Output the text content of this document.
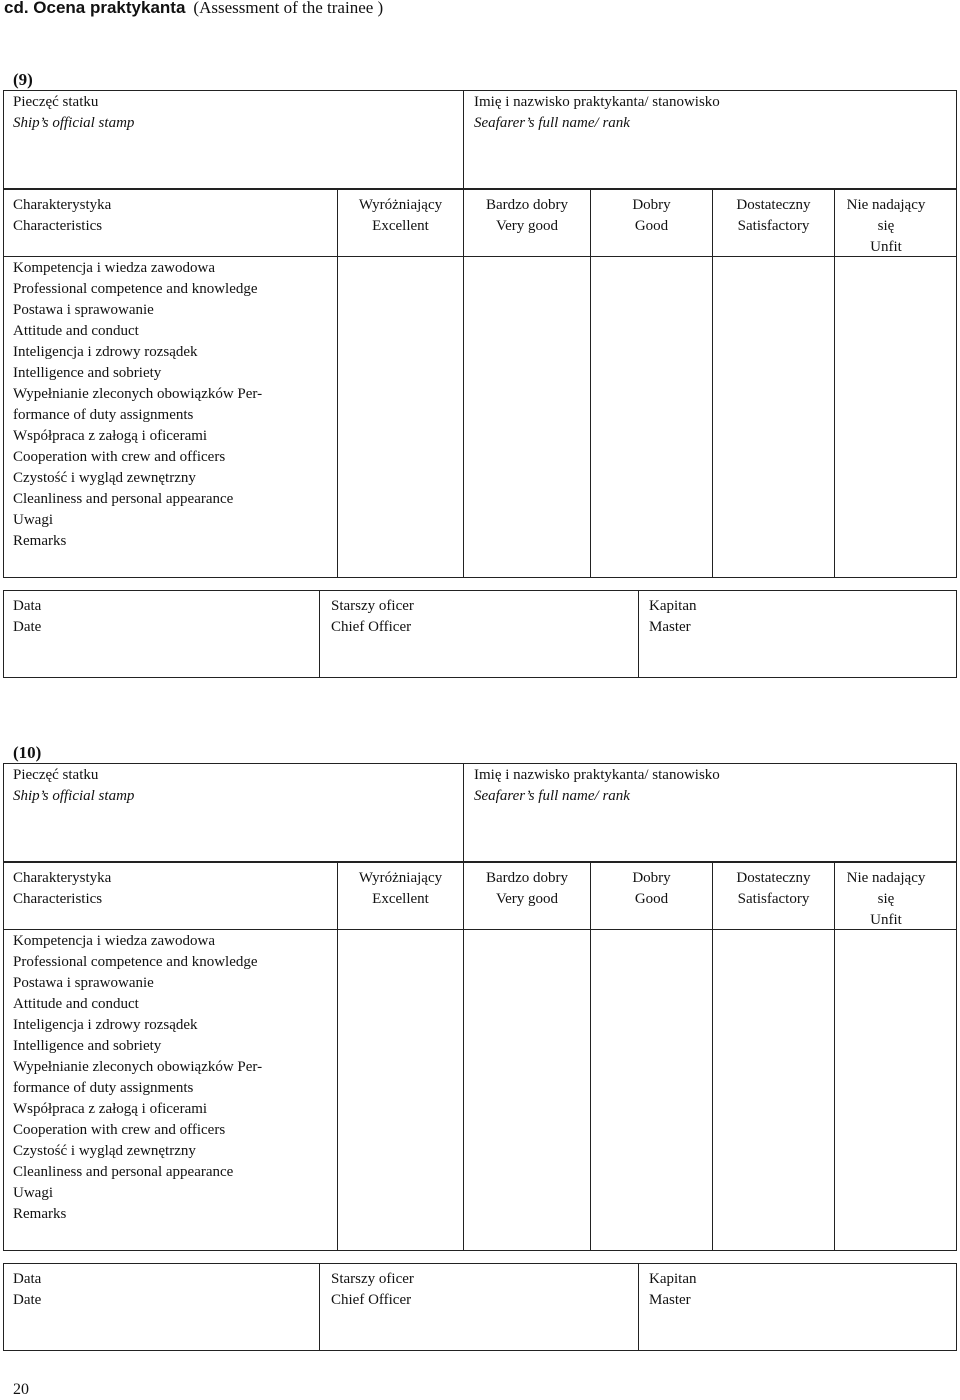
cd. Ocena praktykanta (Assessment of the trainee )
(9)
Pieczęć statku
Ship’s official stamp
Imię i nazwisko praktykanta/ stanowisko
Seafarer’s full name/ rank
Charakterystyka
Characteristics
Wyróżniający
Excellent
Bardzo dobry
Very good
Dobry
Good
Dostateczny
Satisfactory
Nie nadający się
Unfit
Kompetencja i wiedza zawodowa
Professional competence and knowledge
Postawa i sprawowanie
Attitude and conduct
Inteligencja i zdrowy rozsądek
Intelligence and sobriety
Wypełnianie zleconych obowiązków Per-
formance of duty assignments
Współpraca z załogą i oficerami
Cooperation with crew and officers
Czystość i wygląd zewnętrzny
Cleanliness and personal appearance
Uwagi
Remarks
Data
Date
Starszy oficer
Chief Officer
Kapitan
Master
(10)
Pieczęć statku
Ship’s official stamp
Imię i nazwisko praktykanta/ stanowisko
Seafarer’s full name/ rank
Charakterystyka
Characteristics
Wyróżniający
Excellent
Bardzo dobry
Very good
Dobry
Good
Dostateczny
Satisfactory
Nie nadający się
Unfit
Kompetencja i wiedza zawodowa
Professional competence and knowledge
Postawa i sprawowanie
Attitude and conduct
Inteligencja i zdrowy rozsądek
Intelligence and sobriety
Wypełnianie zleconych obowiązków Per-
formance of duty assignments
Współpraca z załogą i oficerami
Cooperation with crew and officers
Czystość i wygląd zewnętrzny
Cleanliness and personal appearance
Uwagi
Remarks
Data
Date
Starszy oficer
Chief Officer
Kapitan
Master
20
